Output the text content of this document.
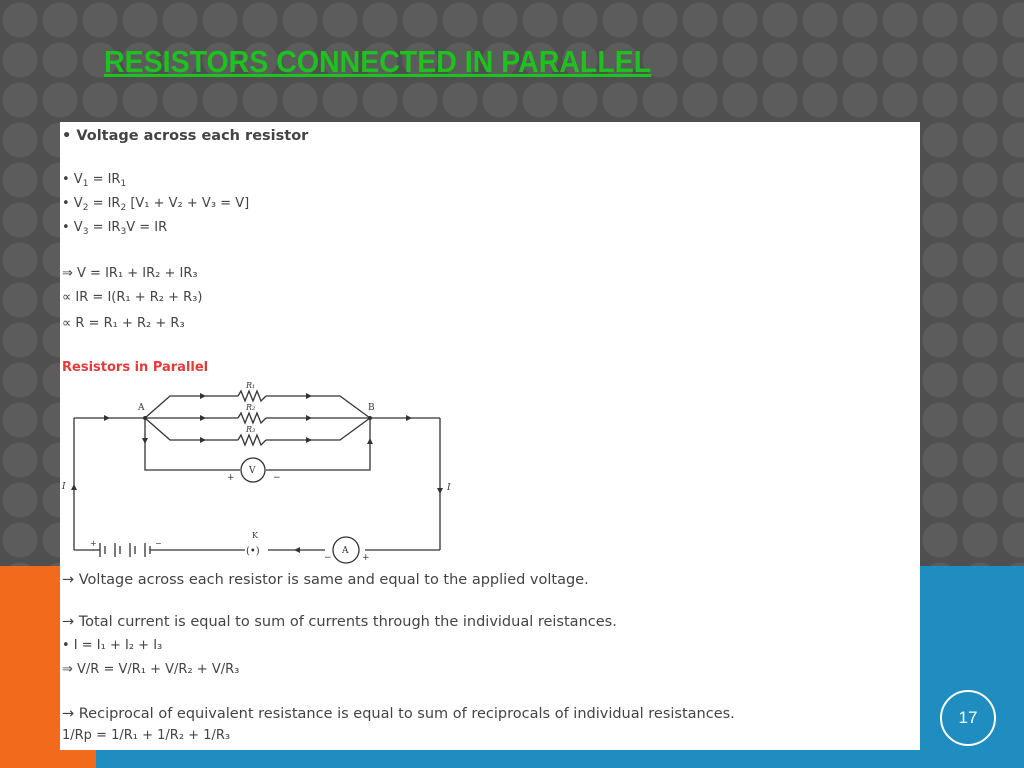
RESISTORS CONNECTED IN PARALLEL
• Voltage across each resistor
• $V_1 = IR_1$
• $V_2 = IR_2$ [V₁ + V₂ + V₃ = V]
• $V_3 = IR_3V$ = IR
⇒ V = IR₁ + IR₂ + IR₃
∝ IR = I(R₁ + R₂ + R₃)
∝ R = R₁ + R₂ + R₃
Resistors in Parallel
A	B
R₁
R₂
R₃
V
+	−
A
−	+
K
(•)
I	I
+	−
→ Voltage across each resistor is same and equal to the applied voltage.
→ Total current is equal to sum of currents through the individual reistances.
• I = I₁ + I₂ + I₃
⇒ V/R = V/R₁ + V/R₂ + V/R₃
→ Reciprocal of equivalent resistance is equal to sum of reciprocals of individual resistances.
1/Rp = 1/R₁ + 1/R₂ + 1/R₃
17
